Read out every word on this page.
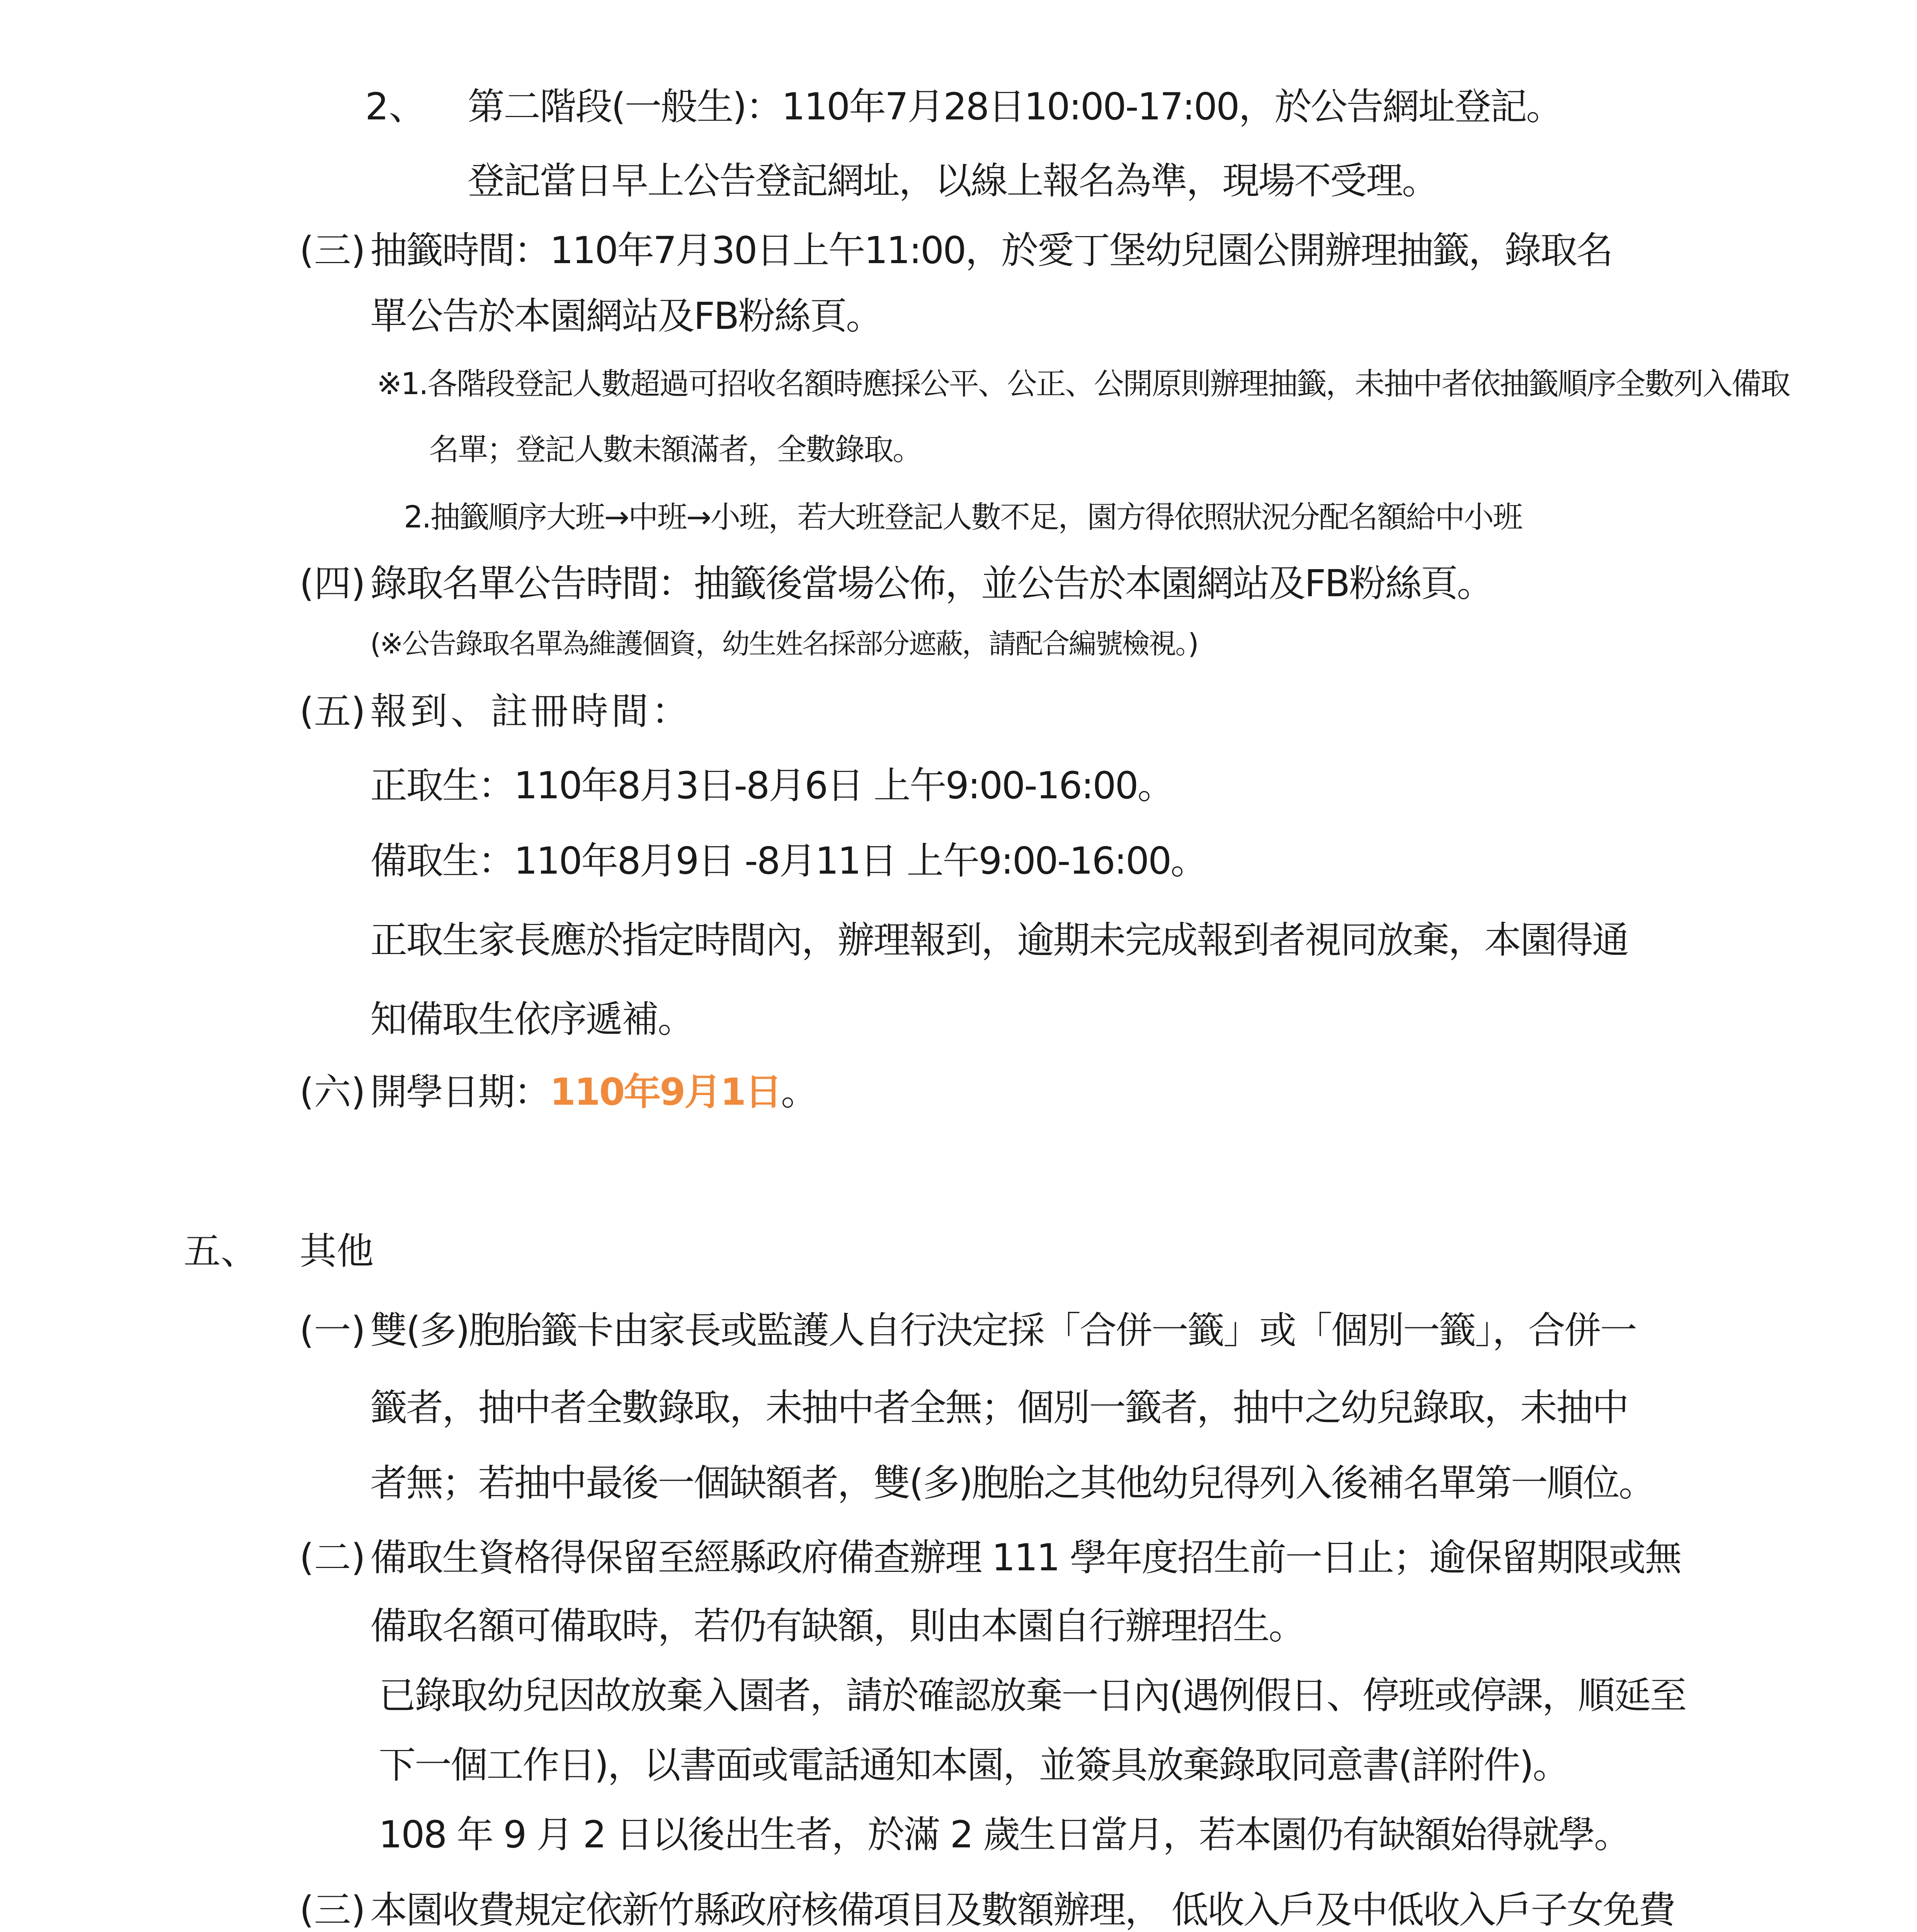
2、 第二階段(一般生)：110年7月28日10:00-17:00，於公告網址登記。
登記當日早上公告登記網址，以線上報名為準，現場不受理。
(三) 抽籤時間：110年7月30日上午11:00，於愛丁堡幼兒園公開辦理抽籤，錄取名
單公告於本園網站及FB粉絲頁。
※1.各階段登記人數超過可招收名額時應採公平、公正、公開原則辦理抽籤，未抽中者依抽籤順序全數列入備取
名單；登記人數未額滿者，全數錄取。
2.抽籤順序大班→中班→小班，若大班登記人數不足，園方得依照狀況分配名額給中小班
(四) 錄取名單公告時間：抽籤後當場公佈，並公告於本園網站及FB粉絲頁。
(※公告錄取名單為維護個資，幼生姓名採部分遮蔽，請配合編號檢視。)
(五) 報到、註冊時間：
正取生：110年8月3日-8月6日 上午9:00-16:00。
備取生：110年8月9日 -8月11日 上午9:00-16:00。
正取生家長應於指定時間內，辦理報到，逾期未完成報到者視同放棄，本園得通
知備取生依序遞補。
(六) 開學日期：110年9月1日。
五、 其他
(一) 雙(多)胞胎籤卡由家長或監護人自行決定採「合併一籤」或「個別一籤」，合併一
籤者，抽中者全數錄取，未抽中者全無；個別一籤者，抽中之幼兒錄取，未抽中
者無；若抽中最後一個缺額者，雙(多)胞胎之其他幼兒得列入後補名單第一順位。
(二) 備取生資格得保留至經縣政府備查辦理 111 學年度招生前一日止；逾保留期限或無
備取名額可備取時，若仍有缺額，則由本園自行辦理招生。
已錄取幼兒因故放棄入園者，請於確認放棄一日內(遇例假日、停班或停課，順延至
下一個工作日)，以書面或電話通知本園，並簽具放棄錄取同意書(詳附件)。
108 年 9 月 2 日以後出生者，於滿 2 歲生日當月，若本園仍有缺額始得就學。
(三) 本園收費規定依新竹縣政府核備項目及數額辦理， 低收入戶及中低收入戶子女免費
